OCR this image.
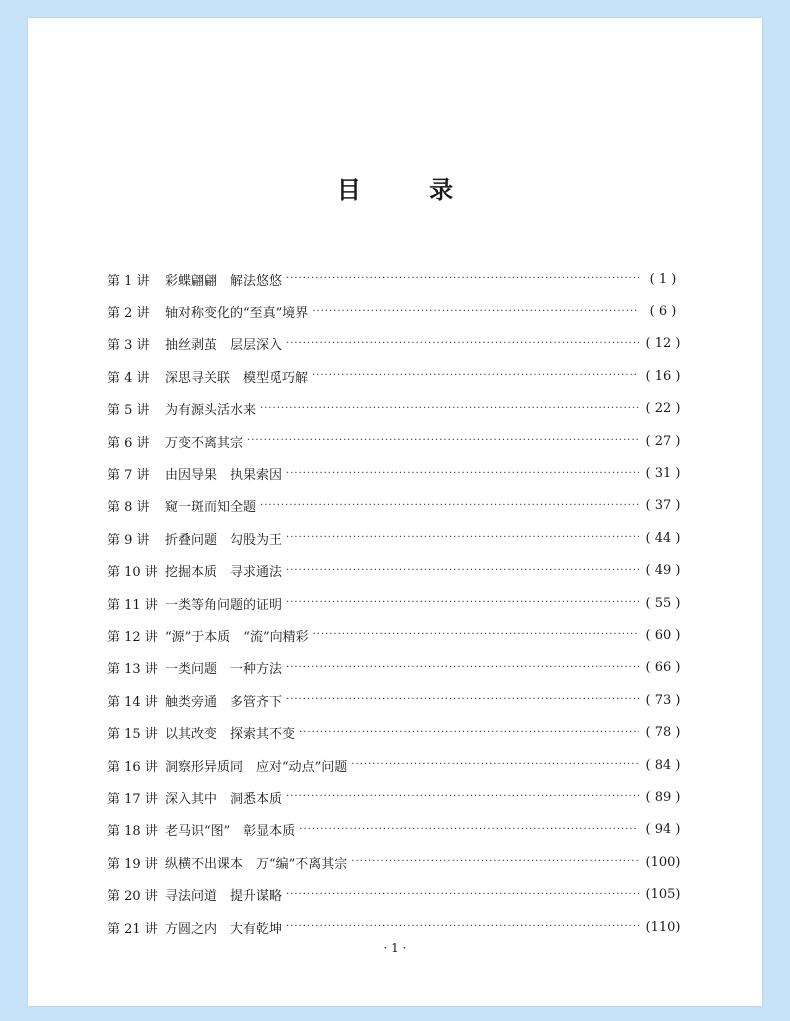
目 录
第 1 讲	彩蝶翩翩　解法悠悠 ·····	( 1 )
第 2 讲	轴对称变化的“至真”境界 ·····	( 6 )
第 3 讲	抽丝剥茧　层层深入 ·····	( 12 )
第 4 讲	深思寻关联　模型觅巧解 ·····	( 16 )
第 5 讲	为有源头活水来 ·····	( 22 )
第 6 讲	万变不离其宗 ·····	( 27 )
第 7 讲	由因导果　执果索因 ·····	( 31 )
第 8 讲	窥一斑而知全题 ·····	( 37 )
第 9 讲	折叠问题　勾股为王 ·····	( 44 )
第 10 讲 挖掘本质　寻求通法 ·····	( 49 )
第 11 讲 一类等角问题的证明 ·····	( 55 )
第 12 讲 “源”于本质　“流”向精彩 ·····	( 60 )
第 13 讲 一类问题　一种方法 ·····	( 66 )
第 14 讲 触类旁通　多管齐下 ·····	( 73 )
第 15 讲 以其改变　探索其不变 ·····	( 78 )
第 16 讲 洞察形异质同　应对“动点”问题 ·····	( 84 )
第 17 讲 深入其中　洞悉本质 ·····	( 89 )
第 18 讲 老马识“图”　彰显本质 ·····	( 94 )
第 19 讲 纵横不出课本　万“编”不离其宗 ·····	(100)
第 20 讲 寻法问道　提升谋略 ·····	(105)
第 21 讲 方圆之内　大有乾坤 ·····	(110)
· 1 ·
